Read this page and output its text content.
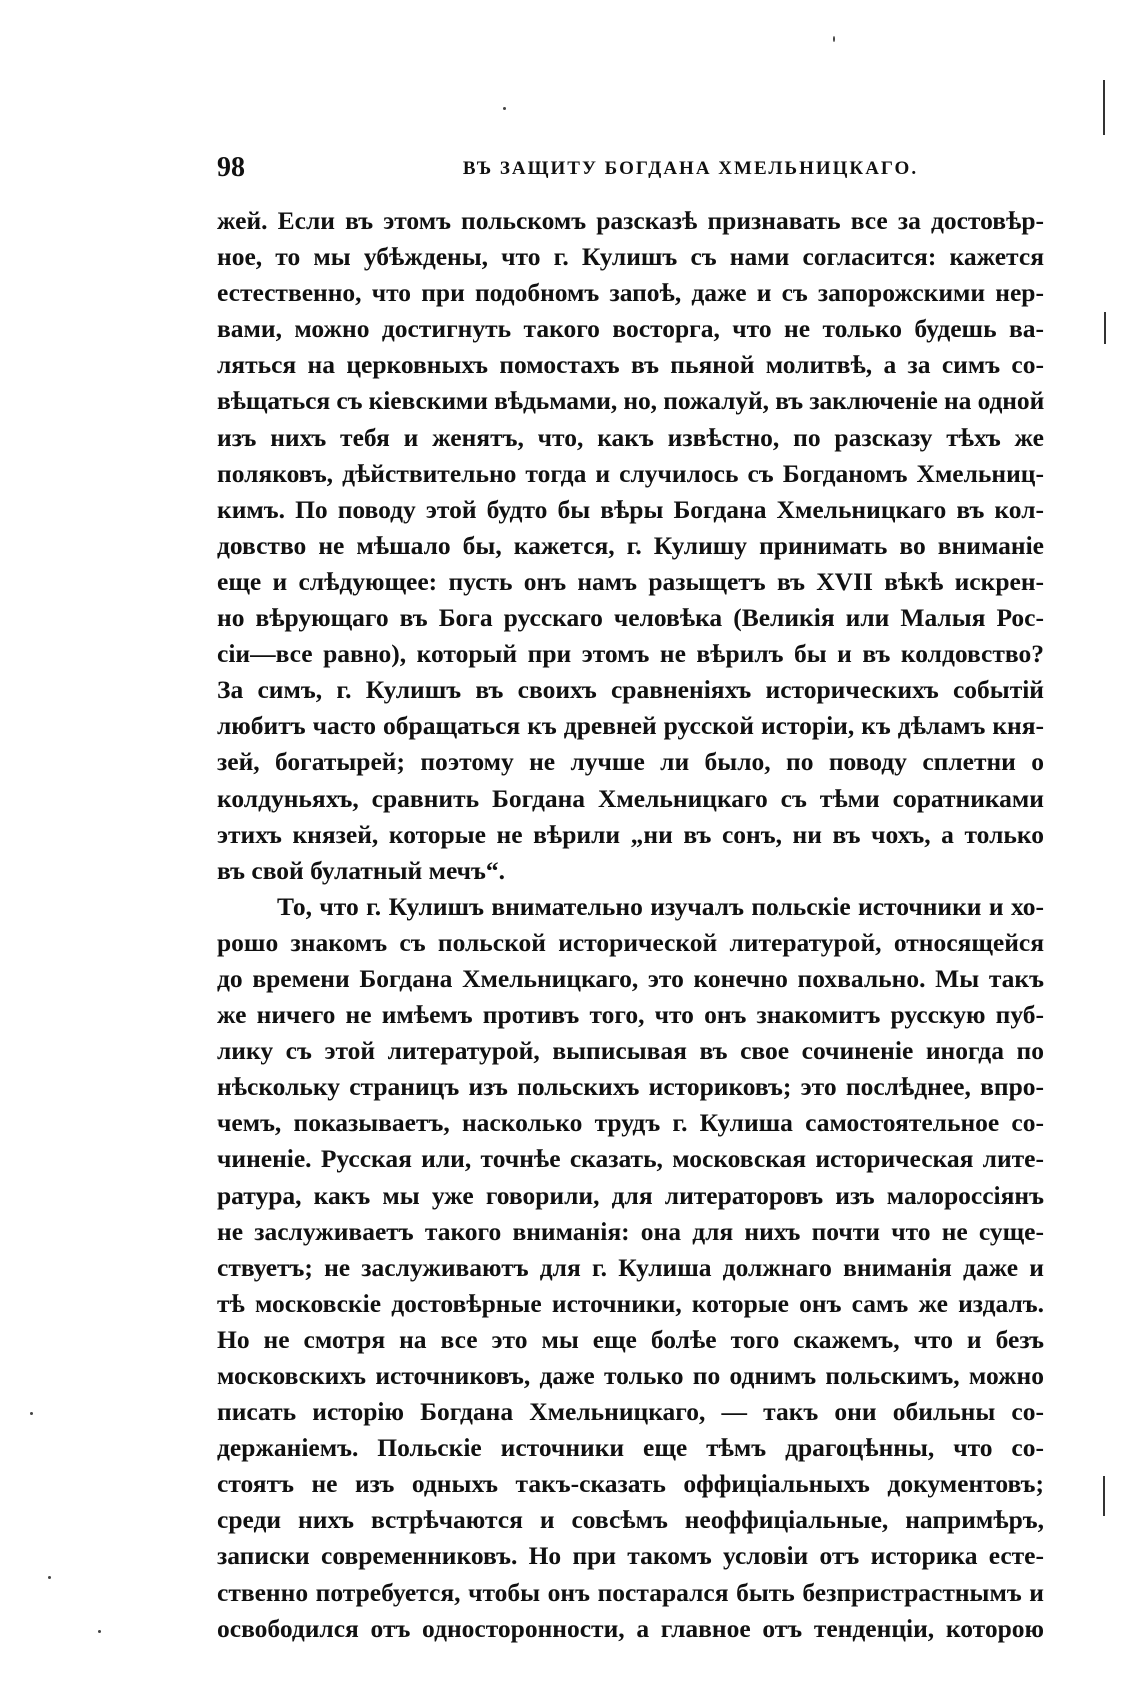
98	ВЪ ЗАЩИТУ БОГДАНА ХМЕЛЬНИЦКАГО.
жей. Если въ этомъ польскомъ разсказѣ признавать все за достовѣр-
ное, то мы убѣждены, что г. Кулишъ съ нами согласится: кажется
естественно, что при подобномъ запоѣ, даже и съ запорожскими нер-
вами, можно достигнуть такого восторга, что не только будешь ва-
ляться на церковныхъ помостахъ въ пьяной молитвѣ, а за симъ со-
вѣщаться съ кіевскими вѣдьмами, но, пожалуй, въ заключеніе на одной
изъ нихъ тебя и женятъ, что, какъ извѣстно, по разсказу тѣхъ же
поляковъ, дѣйствительно тогда и случилось съ Богданомъ Хмельниц-
кимъ. По поводу этой будто бы вѣры Богдана Хмельницкаго въ кол-
довство не мѣшало бы, кажется, г. Кулишу принимать во вниманіе
еще и слѣдующее: пусть онъ намъ разыщетъ въ XVII вѣкѣ искрен-
но вѣрующаго въ Бога русскаго человѣка (Великія или Малыя Рос-
сіи—все равно), который при этомъ не вѣрилъ бы и въ колдовство?
За симъ, г. Кулишъ въ своихъ сравненіяхъ историческихъ событій
любитъ часто обращаться къ древней русской исторіи, къ дѣламъ кня-
зей, богатырей; поэтому не лучше ли было, по поводу сплетни о
колдуньяхъ, сравнить Богдана Хмельницкаго съ тѣми соратниками
этихъ князей, которые не вѣрили „ни въ сонъ, ни въ чохъ, а только
въ свой булатный мечъ“.
То, что г. Кулишъ внимательно изучалъ польскіе источники и хо-
рошо знакомъ съ польской исторической литературой, относящейся
до времени Богдана Хмельницкаго, это конечно похвально. Мы такъ
же ничего не имѣемъ противъ того, что онъ знакомитъ русскую пуб-
лику съ этой литературой, выписывая въ свое сочиненіе иногда по
нѣскольку страницъ изъ польскихъ историковъ; это послѣднее, впро-
чемъ, показываетъ, насколько трудъ г. Кулиша самостоятельное со-
чиненіе. Русская или, точнѣе сказать, московская историческая лите-
ратура, какъ мы уже говорили, для литераторовъ изъ малороссіянъ
не заслуживаетъ такого вниманія: она для нихъ почти что не суще-
ствуетъ; не заслуживаютъ для г. Кулиша должнаго вниманія даже и
тѣ московскіе достовѣрные источники, которые онъ самъ же издалъ.
Но не смотря на все это мы еще болѣе того скажемъ, что и безъ
московскихъ источниковъ, даже только по однимъ польскимъ, можно
писать исторію Богдана Хмельницкаго, — такъ они обильны со-
держаніемъ. Польскіе источники еще тѣмъ драгоцѣнны, что со-
стоятъ не изъ одныхъ такъ-сказать оффиціальныхъ документовъ;
среди нихъ встрѣчаются и совсѣмъ неоффиціальные, напримѣръ,
записки современниковъ. Но при такомъ условіи отъ историка есте-
ственно потребуется, чтобы онъ постарался быть безпристрастнымъ и
освободился отъ односторонности, а главное отъ тенденціи, которою
